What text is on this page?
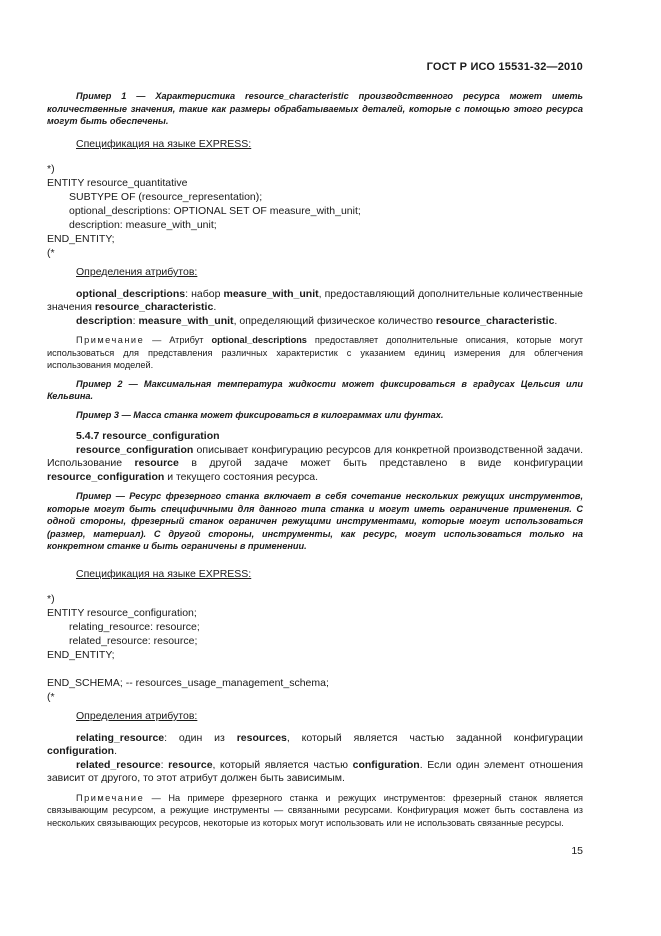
ГОСТ Р ИСО 15531-32—2010

Пример 1 — Характеристика resource_characteristic производственного ресурса может иметь количественные значения, такие как размеры обрабатываемых деталей, которые с помощью этого ресурса могут быть обеспечены.

Спецификация на языке EXPRESS:

*)
ENTITY resource_quantitative
SUBTYPE OF (resource_representation);
optional_descriptions: OPTIONAL SET OF measure_with_unit;
description: measure_with_unit;
END_ENTITY;
(*

Определения атрибутов:

optional_descriptions: набор measure_with_unit, предоставляющий дополнительные количественные значения resource_characteristic.

description: measure_with_unit, определяющий физическое количество resource_characteristic.

Примечание — Атрибут optional_descriptions предоставляет дополнительные описания, которые могут использоваться для представления различных характеристик с указанием единиц измерения для облегчения использования моделей.

Пример 2 — Максимальная температура жидкости может фиксироваться в градусах Цельсия или Кельвина.

Пример 3 — Масса станка может фиксироваться в килограммах или фунтах.

5.4.7 resource_configuration

resource_configuration описывает конфигурацию ресурсов для конкретной производственной задачи. Использование resource в другой задаче может быть представлено в виде конфигурации resource_configuration и текущего состояния ресурса.

Пример — Ресурс фрезерного станка включает в себя сочетание нескольких режущих инструментов, которые могут быть специфичными для данного типа станка и могут иметь ограничение применения. С одной стороны, фрезерный станок ограничен режущими инструментами, которые могут использоваться (размер, материал). С другой стороны, инструменты, как ресурс, могут использоваться только на конкретном станке и быть ограничены в применении.

Спецификация на языке EXPRESS:

*)
ENTITY resource_configuration;
relating_resource: resource;
related_resource: resource;
END_ENTITY;
END_SCHEMA; -- resources_usage_management_schema;
(*

Определения атрибутов:

relating_resource: один из resources, который является частью заданной конфигурации configuration.

related_resource: resource, который является частью configuration. Если один элемент отношения зависит от другого, то этот атрибут должен быть зависимым.

Примечание — На примере фрезерного станка и режущих инструментов: фрезерный станок является связывающим ресурсом, а режущие инструменты — связанными ресурсами. Конфигурация может быть составлена из нескольких связывающих ресурсов, некоторые из которых могут использовать или не использовать связанные ресурсы.

15
